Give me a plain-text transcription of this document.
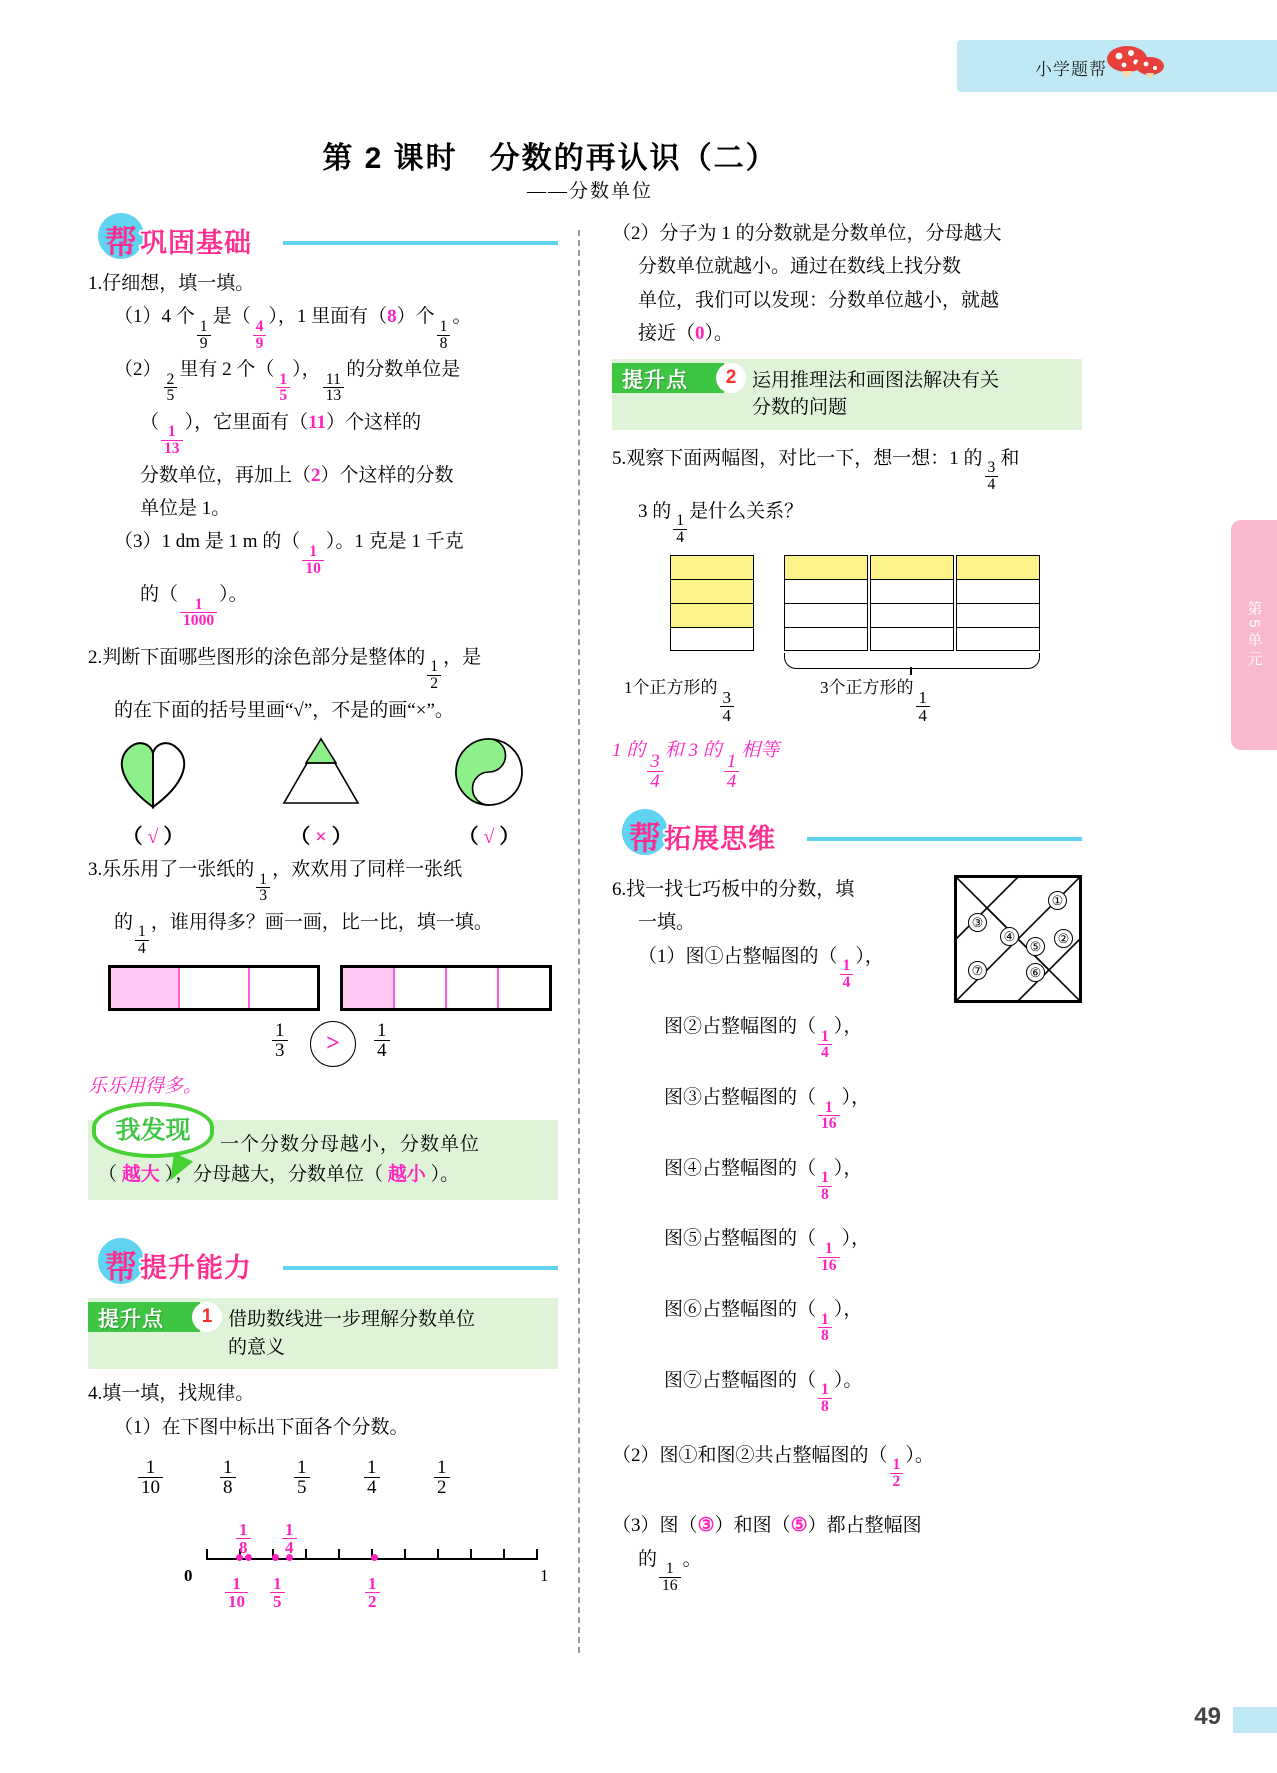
小学题帮
第5单元
第 2 课时　分数的再认识（二）
——分数单位
帮 巩固基础
1.仔细想，填一填。
（1）4 个
$\frac{1}{9}$
是（
$\frac{4}{9}$
），1 里面有（8）个
$\frac{1}{8}$
。
（2）
$\frac{2}{5}$
里有 2 个（
$\frac{1}{5}$
），
$\frac{11}{13}$
的分数单位是
（
$\frac{1}{13}$
），它里面有（11）个这样的
分数单位，再加上（2）个这样的分数
单位是 1。
（3）1 dm 是 1 m 的（
$\frac{1}{10}$
）。1 克是 1 千克
的（
$\frac{1}{1000}$
）。
2.判断下面哪些图形的涂色部分是整体的
$\frac{1}{2}$
，是
的在下面的括号里画“√”，不是的画“×”。
（ √ ）	（ × ）	（ √ ）
3.乐乐用了一张纸的
$\frac{1}{3}$
，欢欢用了同样一张纸
的
$\frac{1}{4}$
，谁用得多？画一画，比一比，填一填。
1
3 > 1
4
乐乐用得多。
我发现 一个分数分母越小，分数单位
（ 越大 ）；分母越大，分数单位（ 越小 ）。
帮 提升能力
提升点	1 借助数线进一步理解分数单位
的意义
4.填一填，找规律。
（1）在下图中标出下面各个分数。
$\frac{1}{10}$	$\frac{1}{8}$	$\frac{1}{5}$	$\frac{1}{4}$	$\frac{1}{2}$
$\frac{1}{8} \frac{1}{4}$
0	1
$\frac{1}{10} \frac{1}{5}$	$\frac{1}{2}$
（2）分子为 1 的分数就是分数单位，分母越大
分数单位就越小。通过在数线上找分数
单位，我们可以发现：分数单位越小，就越
接近（0）。
提升点	2 运用推理法和画图法解决有关
分数的问题
5.观察下面两幅图，对比一下，想一想：1 的
$\frac{3}{4}$
和
3 的
$\frac{1}{4}$
是什么关系？
1个正方形的
$\frac{3}{4}$
3个正方形的
$\frac{1}{4}$
1 的
$\frac{3}{4}$
和 3 的
$\frac{1}{4}$
相等
帮 拓展思维
①
②
③
④
⑤
⑥
⑦
6.找一找七巧板中的分数，填
一填。
（1）图①占整幅图的（
$\frac{1}{4}$
），
图②占整幅图的（
$\frac{1}{4}$
），
图③占整幅图的（
$\frac{1}{16}$
），
图④占整幅图的（
$\frac{1}{8}$
），
图⑤占整幅图的（
$\frac{1}{16}$
），
图⑥占整幅图的（
$\frac{1}{8}$
），
图⑦占整幅图的（
$\frac{1}{8}$
）。
（2）图①和图②共占整幅图的（
$\frac{1}{2}$
）。
（3）图（③）和图（⑤）都占整幅图
的
$\frac{1}{16}$
。
49
